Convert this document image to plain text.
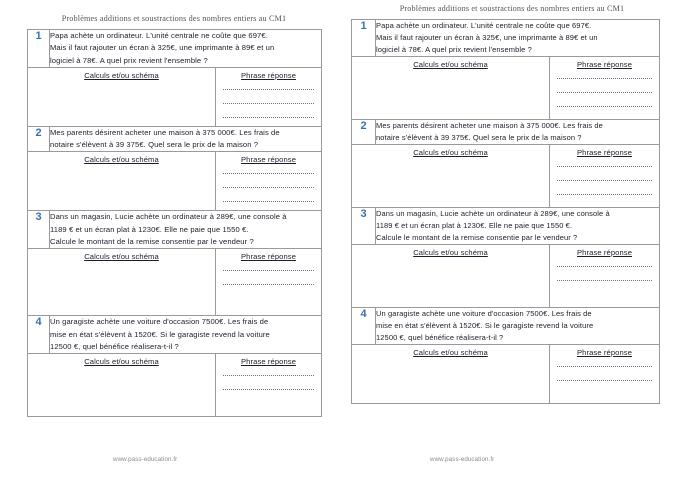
Problèmes additions et soustractions des nombres entiers au CM1
1	Papa achète un ordinateur. L'unité centrale ne coûte que 697€.
Mais il faut rajouter un écran à 325€, une imprimante à 89€ et un
logiciel à 78€. A quel prix revient l'ensemble ?	

Calculs et/ou schéma		Phrase réponse

2	Mes parents désirent acheter une maison à 375 000€. Les frais de
notaire s'élèvent à 39 375€. Quel sera le prix de la maison ?	

Calculs et/ou schéma		Phrase réponse

3	Dans un magasin, Lucie achète un ordinateur à 289€, une console à
1189 € et un écran plat à 1230€. Elle ne paie que 1550 €.
Calcule le montant de la remise consentie par le vendeur ?	

Calculs et/ou schéma		Phrase réponse

4	Un garagiste achète une voiture d'occasion 7500€. Les frais de
mise en état s'élèvent à 1520€. Si le garagiste revend la voiture
12500 €, quel bénéfice réalisera-t-il ?	

Calculs et/ou schéma		Phrase réponse
Problèmes additions et soustractions des nombres entiers au CM1
1	Papa achète un ordinateur. L'unité centrale ne coûte que 697€.
Mais il faut rajouter un écran à 325€, une imprimante à 89€ et un
logiciel à 78€. A quel prix revient l'ensemble ?	

Calculs et/ou schéma		Phrase réponse

2	Mes parents désirent acheter une maison à 375 000€. Les frais de
notaire s'élèvent à 39 375€. Quel sera le prix de la maison ?	

Calculs et/ou schéma		Phrase réponse

3	Dans un magasin, Lucie achète un ordinateur à 289€, une console à
1189 € et un écran plat à 1230€. Elle ne paie que 1550 €.
Calcule le montant de la remise consentie par le vendeur ?	

Calculs et/ou schéma		Phrase réponse

4	Un garagiste achète une voiture d'occasion 7500€. Les frais de
mise en état s'élèvent à 1520€. Si le garagiste revend la voiture
12500 €, quel bénéfice réalisera-t-il ?	

Calculs et/ou schéma		Phrase réponse
www.pass-education.fr	www.pass-education.fr
